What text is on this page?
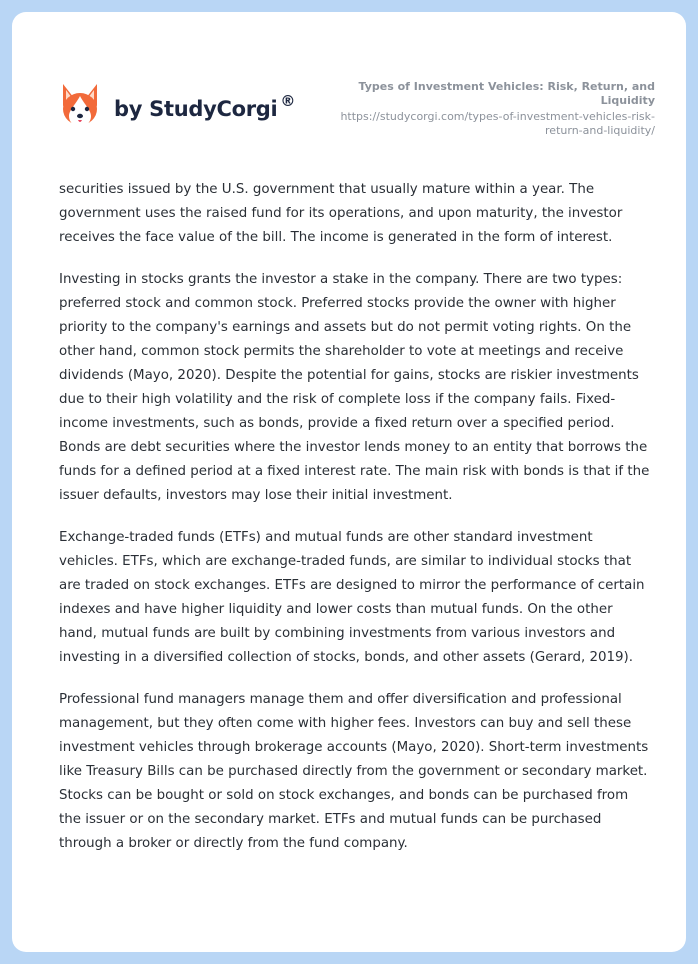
by StudyCorgi ®
Types of Investment Vehicles: Risk, Return, and Liquidity
https://studycorgi.com/types-of-investment-vehicles-risk-return-and-liquidity/

securities issued by the U.S. government that usually mature within a year. The government uses the raised fund for its operations, and upon maturity, the investor receives the face value of the bill. The income is generated in the form of interest.

Investing in stocks grants the investor a stake in the company. There are two types: preferred stock and common stock. Preferred stocks provide the owner with higher priority to the company's earnings and assets but do not permit voting rights. On the other hand, common stock permits the shareholder to vote at meetings and receive dividends (Mayo, 2020). Despite the potential for gains, stocks are riskier investments due to their high volatility and the risk of complete loss if the company fails. Fixed-income investments, such as bonds, provide a fixed return over a specified period. Bonds are debt securities where the investor lends money to an entity that borrows the funds for a defined period at a fixed interest rate. The main risk with bonds is that if the issuer defaults, investors may lose their initial investment.

Exchange-traded funds (ETFs) and mutual funds are other standard investment vehicles. ETFs, which are exchange-traded funds, are similar to individual stocks that are traded on stock exchanges. ETFs are designed to mirror the performance of certain indexes and have higher liquidity and lower costs than mutual funds. On the other hand, mutual funds are built by combining investments from various investors and investing in a diversified collection of stocks, bonds, and other assets (Gerard, 2019).

Professional fund managers manage them and offer diversification and professional management, but they often come with higher fees. Investors can buy and sell these investment vehicles through brokerage accounts (Mayo, 2020). Short-term investments like Treasury Bills can be purchased directly from the government or secondary market. Stocks can be bought or sold on stock exchanges, and bonds can be purchased from the issuer or on the secondary market. ETFs and mutual funds can be purchased through a broker or directly from the fund company.
